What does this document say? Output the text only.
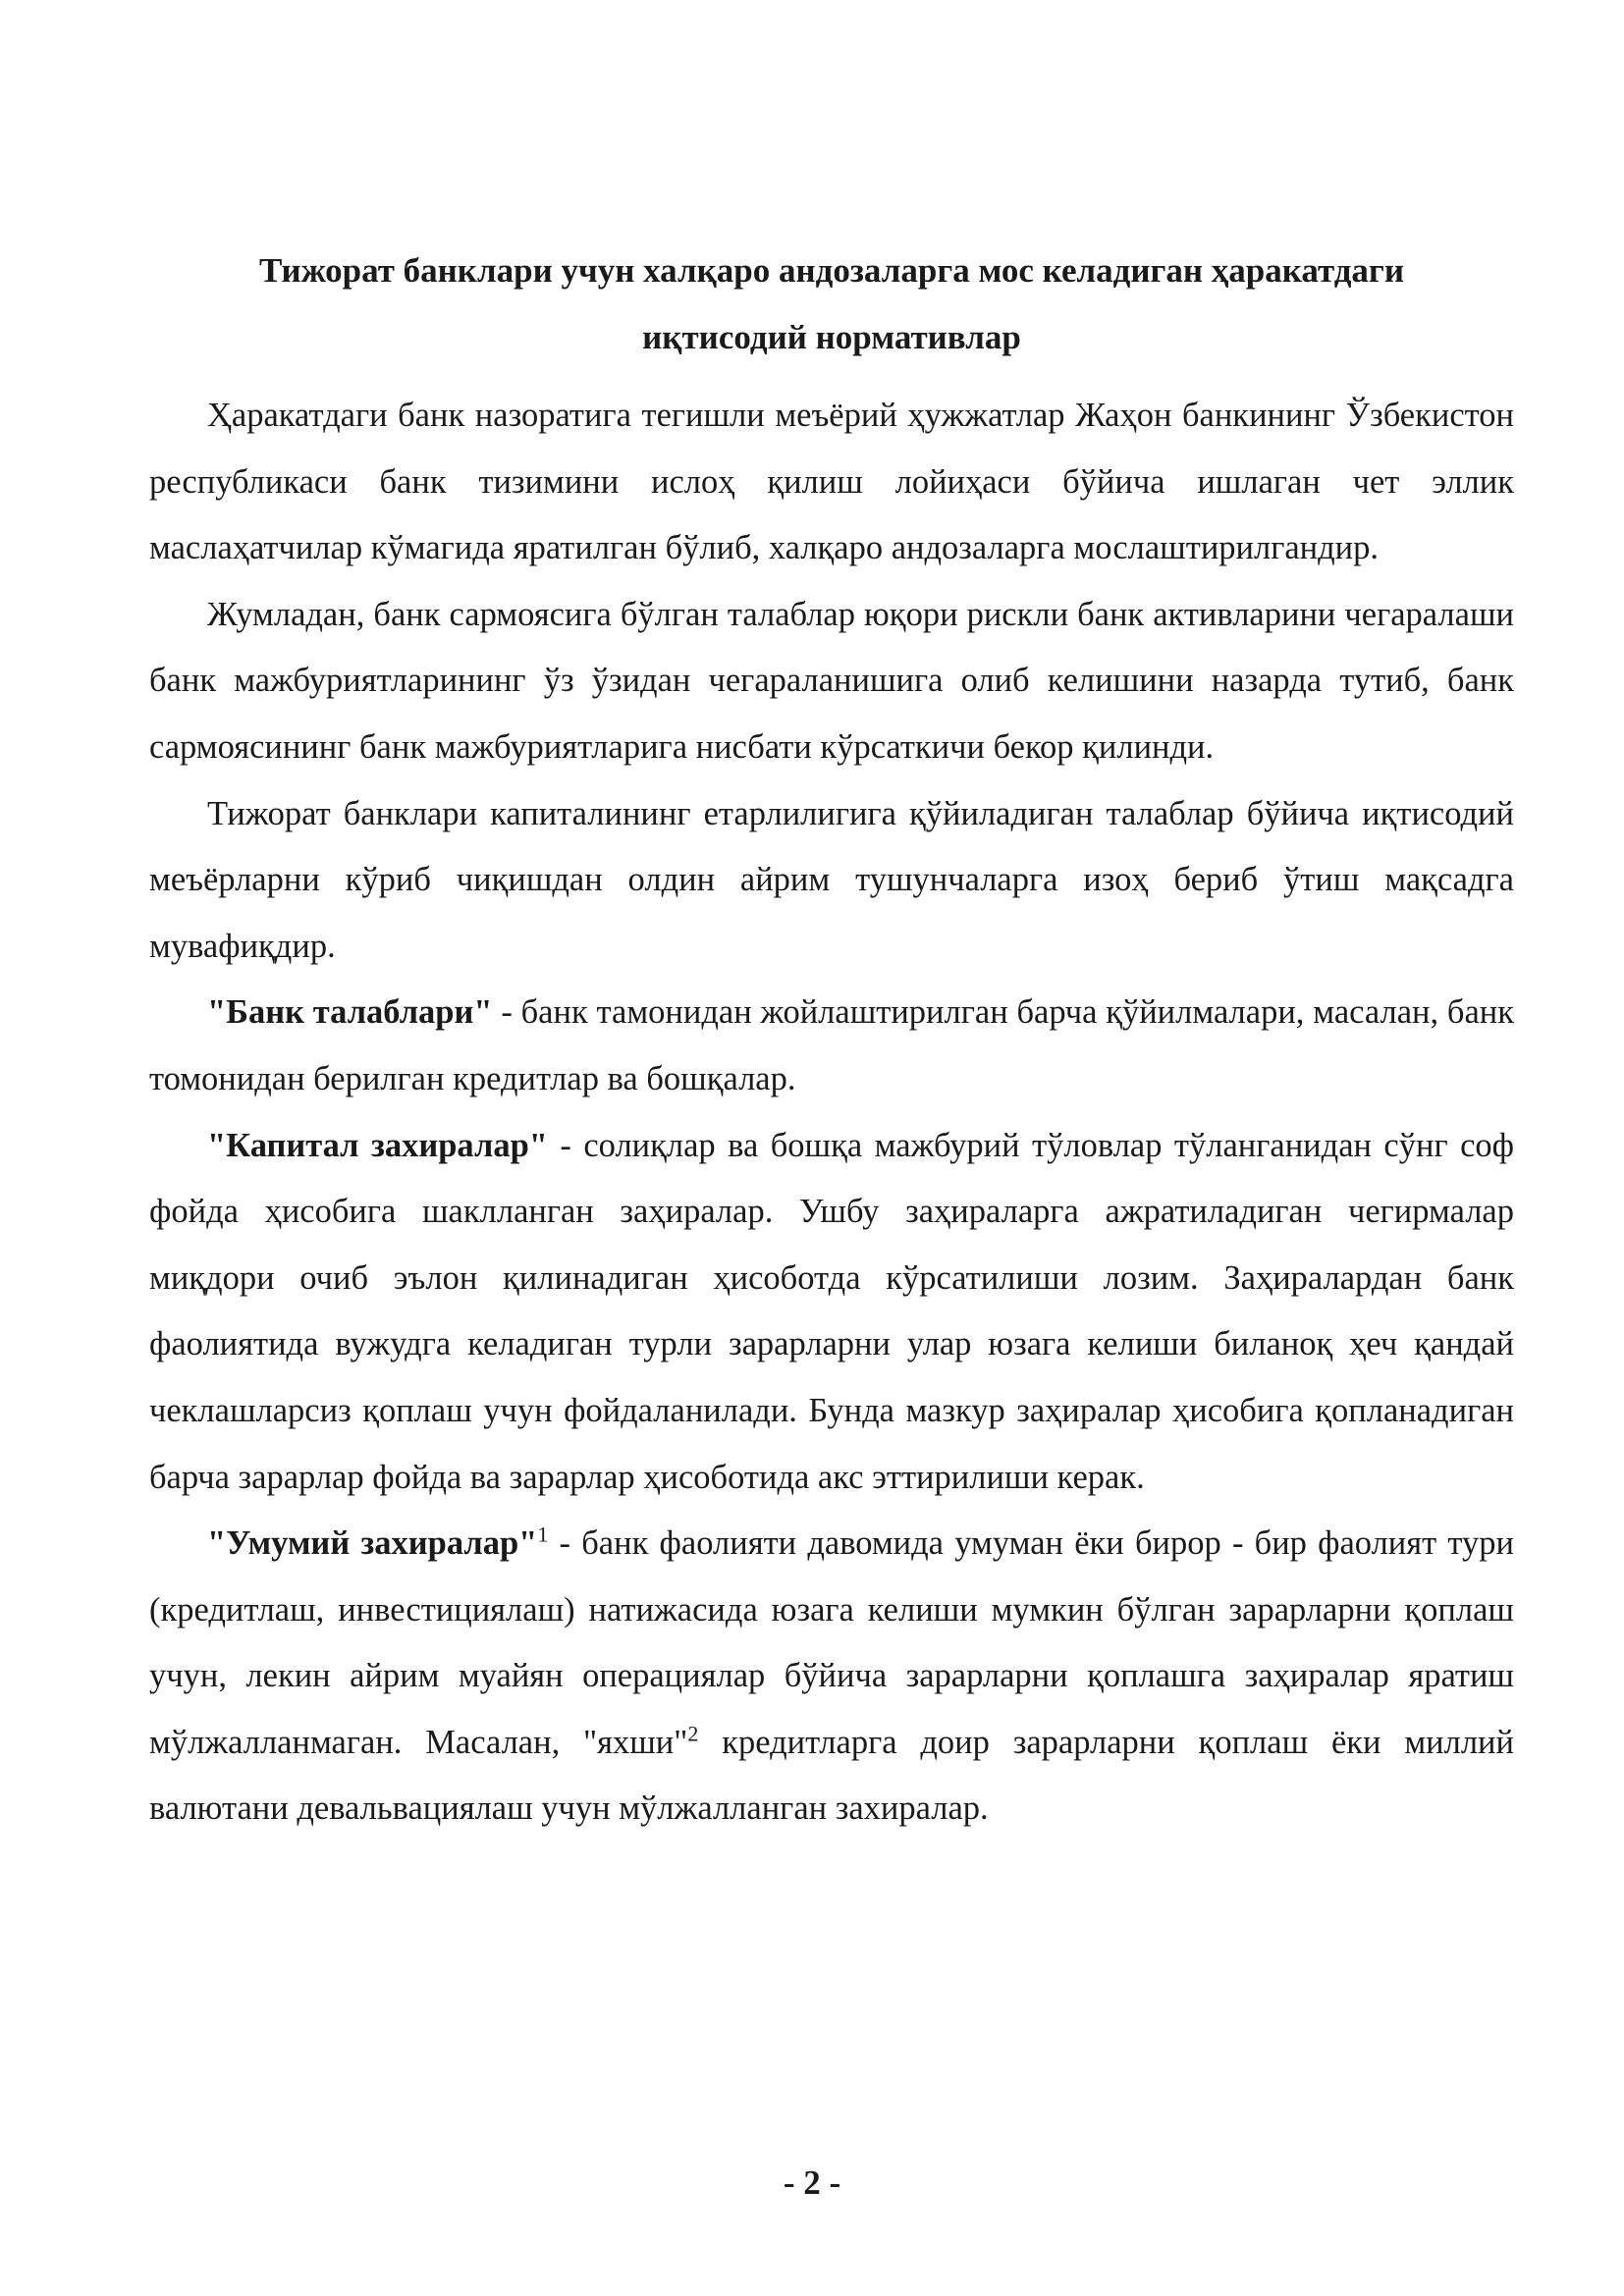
Тижорат банклари учун халқаро андозаларга мос келадиган ҳаракатдаги
иқтисодий нормативлар

Ҳаракатдаги банк назоратига тегишли меъёрий ҳужжатлар Жаҳон банкининг Ўзбекистон республикаси банк тизимини ислоҳ қилиш лойиҳаси бўйича ишлаган чет эллик маслаҳатчилар кўмагида яратилган бўлиб, халқаро андозаларга мослаштирилгандир.

Жумладан, банк сармоясига бўлган талаблар юқори рискли банк активларини чегаралаши банк мажбуриятларининг ўз ўзидан чегараланишига олиб келишини назарда тутиб, банк сармоясининг банк мажбуриятларига нисбати кўрсаткичи бекор қилинди.

Тижорат банклари капиталининг етарлилигига қўйиладиган талаблар бўйича иқтисодий меъёрларни кўриб чиқишдан олдин айрим тушунчаларга изоҳ бериб ўтиш мақсадга мувафиқдир.

"Банк талаблари" - банк тамонидан жойлаштирилган барча қўйилмалари, масалан, банк томонидан берилган кредитлар ва бошқалар.

"Капитал захиралар" - солиқлар ва бошқа мажбурий тўловлар тўланганидан сўнг соф фойда ҳисобига шаклланган заҳиралар. Ушбу заҳираларга ажратиладиган чегирмалар миқдори очиб эълон қилинадиган ҳисоботда кўрсатилиши лозим. Заҳиралардан банк фаолиятида вужудга келадиган турли зарарларни улар юзага келиши биланоқ ҳеч қандай чеклашларсиз қоплаш учун фойдаланилади. Бунда мазкур заҳиралар ҳисобига қопланадиган барча зарарлар фойда ва зарарлар ҳисоботида акс эттирилиши керак.

"Умумий захиралар"$^1$ - банк фаолияти давомида умуман ёки бирор - бир фаолият тури (кредитлаш, инвестициялаш) натижасида юзага келиши мумкин бўлган зарарларни қоплаш учун, лекин айрим муайян операциялар бўйича зарарларни қоплашга заҳиралар яратиш мўлжалланмаган. Масалан, "яхши"$^2$ кредитларга доир зарарларни қоплаш ёки миллий валютани девальвациялаш учун мўлжалланган захиралар.

- 2 -
